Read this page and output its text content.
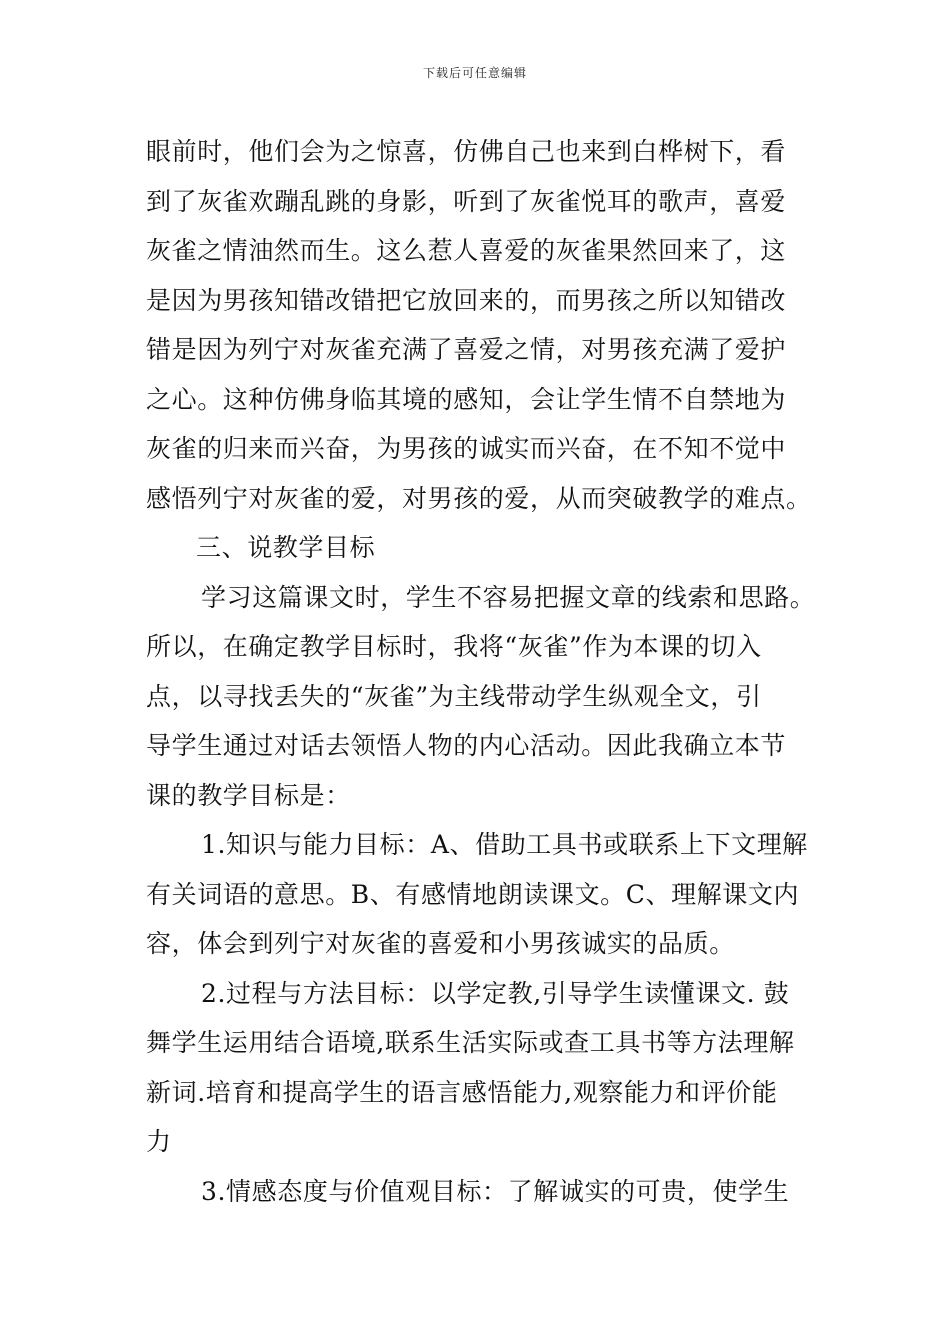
下载后可任意编辑
眼前时，他们会为之惊喜，仿佛自己也来到白桦树下，看
到了灰雀欢蹦乱跳的身影，听到了灰雀悦耳的歌声，喜爱
灰雀之情油然而生。这么惹人喜爱的灰雀果然回来了，这
是因为男孩知错改错把它放回来的，而男孩之所以知错改
错是因为列宁对灰雀充满了喜爱之情，对男孩充满了爱护
之心。这种仿佛身临其境的感知，会让学生情不自禁地为
灰雀的归来而兴奋，为男孩的诚实而兴奋，在不知不觉中
感悟列宁对灰雀的爱，对男孩的爱，从而突破教学的难点。
三、说教学目标
学习这篇课文时，学生不容易把握文章的线索和思路。
所以，在确定教学目标时，我将“灰雀”作为本课的切入
点，以寻找丢失的“灰雀”为主线带动学生纵观全文，引
导学生通过对话去领悟人物的内心活动。因此我确立本节
课的教学目标是：
1.知识与能力目标：A、借助工具书或联系上下文理解
有关词语的意思。B、有感情地朗读课文。C、理解课文内
容，体会到列宁对灰雀的喜爱和小男孩诚实的品质。
2.过程与方法目标：以学定教,引导学生读懂课文. 鼓
舞学生运用结合语境,联系生活实际或查工具书等方法理解
新词.培育和提高学生的语言感悟能力,观察能力和评价能
力
3.情感态度与价值观目标：了解诚实的可贵，使学生
